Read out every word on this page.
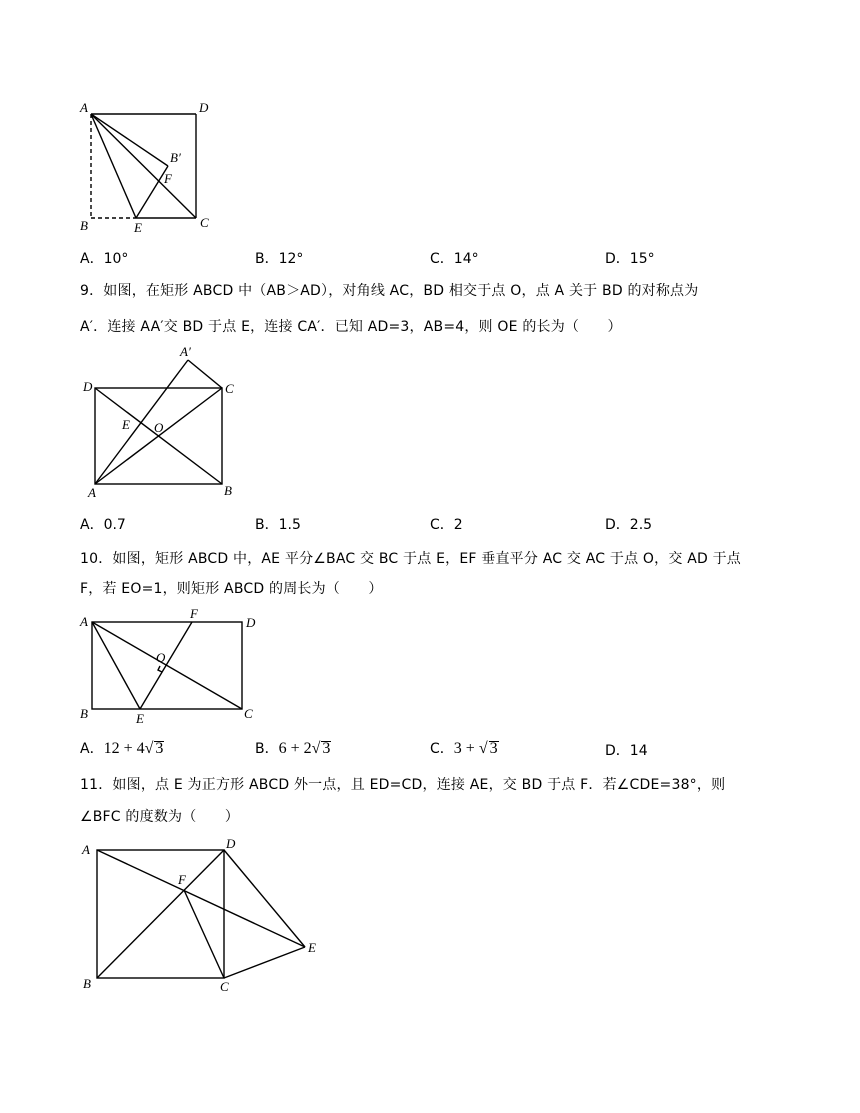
A	D
B′
F
B	E	C
A．10°	B．12°	C．14°	D．15°
9．如图，在矩形 ABCD 中（AB＞AD），对角线 AC，BD 相交于点 O，点 A 关于 BD 的对称点为
A′．连接 AA′交 BD 于点 E，连接 CA′．已知 AD=3，AB=4，则 OE 的长为（　　）
A′
D	C
E O
A	B
A．0.7	B．1.5	C．2	D．2.5
10．如图，矩形 ABCD 中，AE 平分∠BAC 交 BC 于点 E，EF 垂直平分 AC 交 AC 于点 O，交 AD 于点
F，若 EO=1，则矩形 ABCD 的周长为（　　）
A
F
D
O
B	E	C
A．12 + 4√ 3	B．6 + 2√ 3	C．3 + √ 3	D．14
11．如图，点 E 为正方形 ABCD 外一点，且 ED=CD，连接 AE，交 BD 于点 F．若∠CDE=38°，则
∠BFC 的度数为（　　）
A	D
F
E
B	C
